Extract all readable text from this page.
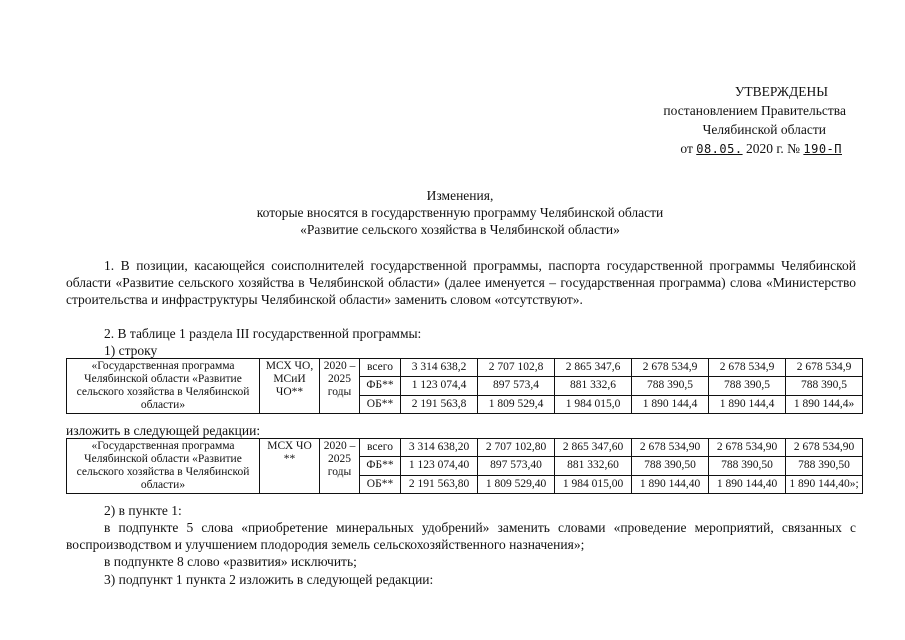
УТВЕРЖДЕНЫ
постановлением Правительства
Челябинской области
от 08.05. 2020 г. № 190-П
Изменения,
которые вносятся в государственную программу Челябинской области
«Развитие сельского хозяйства в Челябинской области»
1. В позиции, касающейся соисполнителей государственной программы, паспорта государственной программы Челябинской области «Развитие сельского хозяйства в Челябинской области» (далее именуется – государственная программа) слова «Министерство строительства и инфраструктуры Челябинской области» заменить словом «отсутствуют».
2. В таблице 1 раздела III государственной программы:
1) строку
«Государственная программа Челябинской области «Развитие сельского хозяйства в Челябинской области»	МСХ ЧО, МСиИ ЧО**	2020 – 2025 годы	всего	3 314 638,2	2 707 102,8	2 865 347,6	2 678 534,9	2 678 534,9	2 678 534,9
			ФБ**	1 123 074,4	897 573,4	881 332,6	788 390,5	788 390,5	788 390,5
			ОБ**	2 191 563,8	1 809 529,4	1 984 015,0	1 890 144,4	1 890 144,4	1 890 144,4»
изложить в следующей редакции:
«Государственная программа Челябинской области «Развитие сельского хозяйства в Челябинской области»	МСХ ЧО **	2020 – 2025 годы	всего	3 314 638,20	2 707 102,80	2 865 347,60	2 678 534,90	2 678 534,90	2 678 534,90
			ФБ**	1 123 074,40	897 573,40	881 332,60	788 390,50	788 390,50	788 390,50
			ОБ**	2 191 563,80	1 809 529,40	1 984 015,00	1 890 144,40	1 890 144,40	1 890 144,40»;
2) в пункте 1:
в подпункте 5 слова «приобретение минеральных удобрений» заменить словами «проведение мероприятий, связанных с воспроизводством и улучшением плодородия земель сельскохозяйственного назначения»;
в подпункте 8 слово «развития» исключить;
3) подпункт 1 пункта 2 изложить в следующей редакции:
